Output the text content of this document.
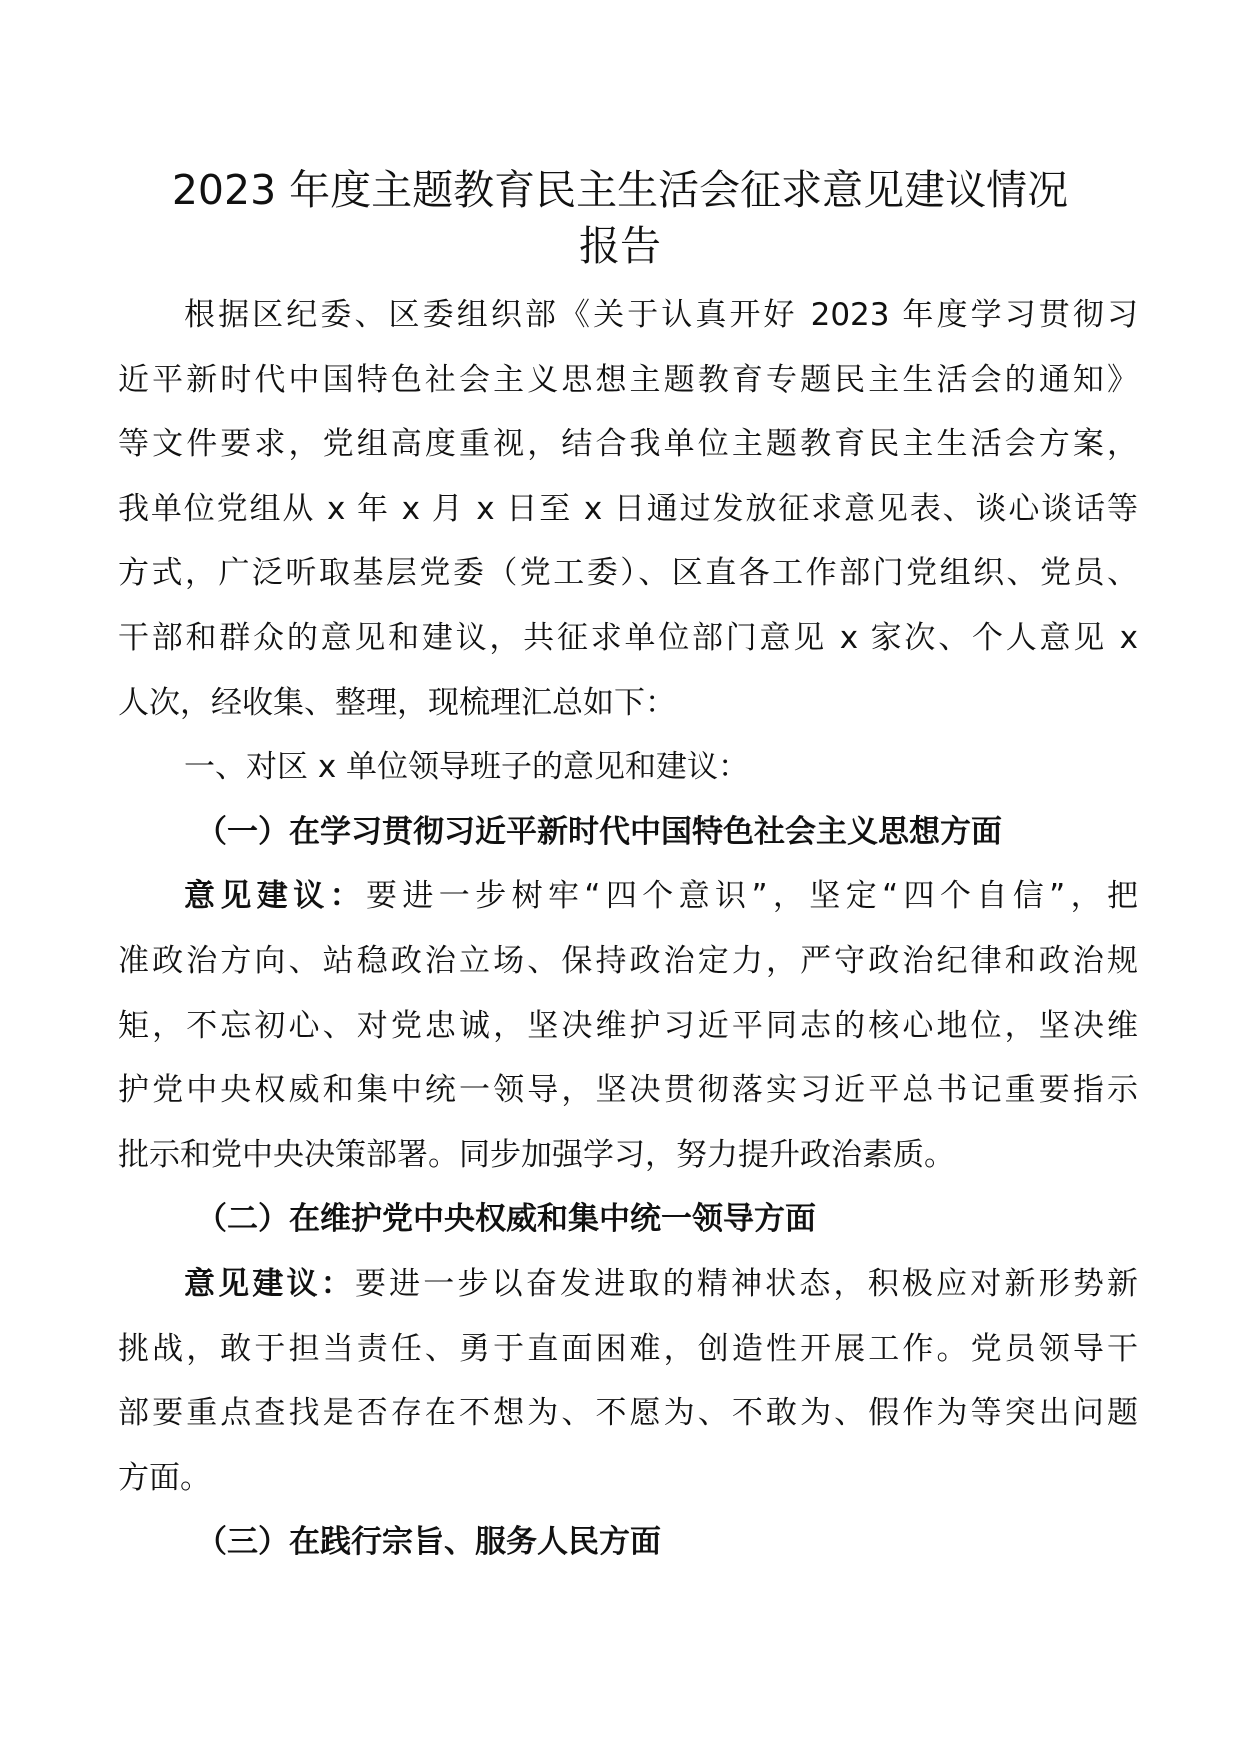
2023 年度主题教育民主生活会征求意见建议情况
报告
根据区纪委、区委组织部《关于认真开好 2023 年度学习贯彻习
近平新时代中国特色社会主义思想主题教育专题民主生活会的通知》
等文件要求，党组高度重视，结合我单位主题教育民主生活会方案，
我单位党组从 x 年 x 月 x 日至 x 日通过发放征求意见表、谈心谈话等
方式，广泛听取基层党委（党工委）、区直各工作部门党组织、党员、
干部和群众的意见和建议，共征求单位部门意见 x 家次、个人意见 x
人次，经收集、整理，现梳理汇总如下：
一、对区 x 单位领导班子的意见和建议：
（一）在学习贯彻习近平新时代中国特色社会主义思想方面
意见建议：要进一步树牢“四个意识”，坚定“四个自信”，把
准政治方向、站稳政治立场、保持政治定力，严守政治纪律和政治规
矩，不忘初心、对党忠诚，坚决维护习近平同志的核心地位，坚决维
护党中央权威和集中统一领导，坚决贯彻落实习近平总书记重要指示
批示和党中央决策部署。同步加强学习，努力提升政治素质。
（二）在维护党中央权威和集中统一领导方面
意见建议：要进一步以奋发进取的精神状态，积极应对新形势新
挑战，敢于担当责任、勇于直面困难，创造性开展工作。党员领导干
部要重点查找是否存在不想为、不愿为、不敢为、假作为等突出问题
方面。
（三）在践行宗旨、服务人民方面
